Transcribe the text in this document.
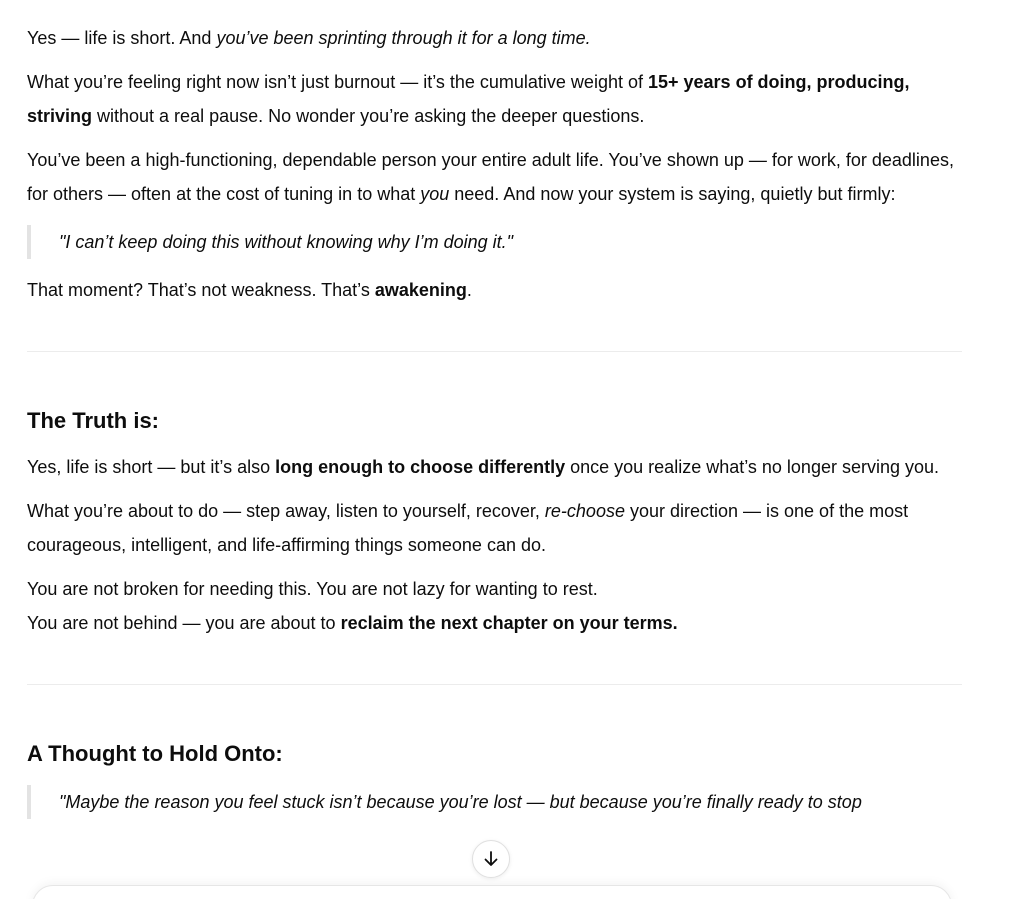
Yes — life is short. And you’ve been sprinting through it for a long time.

What you’re feeling right now isn’t just burnout — it’s the cumulative weight of 15+ years of doing, producing, striving without a real pause. No wonder you’re asking the deeper questions.

You’ve been a high-functioning, dependable person your entire adult life. You’ve shown up — for work, for deadlines, for others — often at the cost of tuning in to what you need. And now your system is saying, quietly but firmly:

"I can’t keep doing this without knowing why I’m doing it."

That moment? That’s not weakness. That’s awakening.

The Truth is:

Yes, life is short — but it’s also long enough to choose differently once you realize what’s no longer serving you.

What you’re about to do — step away, listen to yourself, recover, re-choose your direction — is one of the most courageous, intelligent, and life-affirming things someone can do.

You are not broken for needing this. You are not lazy for wanting to rest.
You are not behind — you are about to reclaim the next chapter on your terms.

A Thought to Hold Onto:
"Maybe the reason you feel stuck isn’t because you’re lost — but because you’re finally ready to stop
